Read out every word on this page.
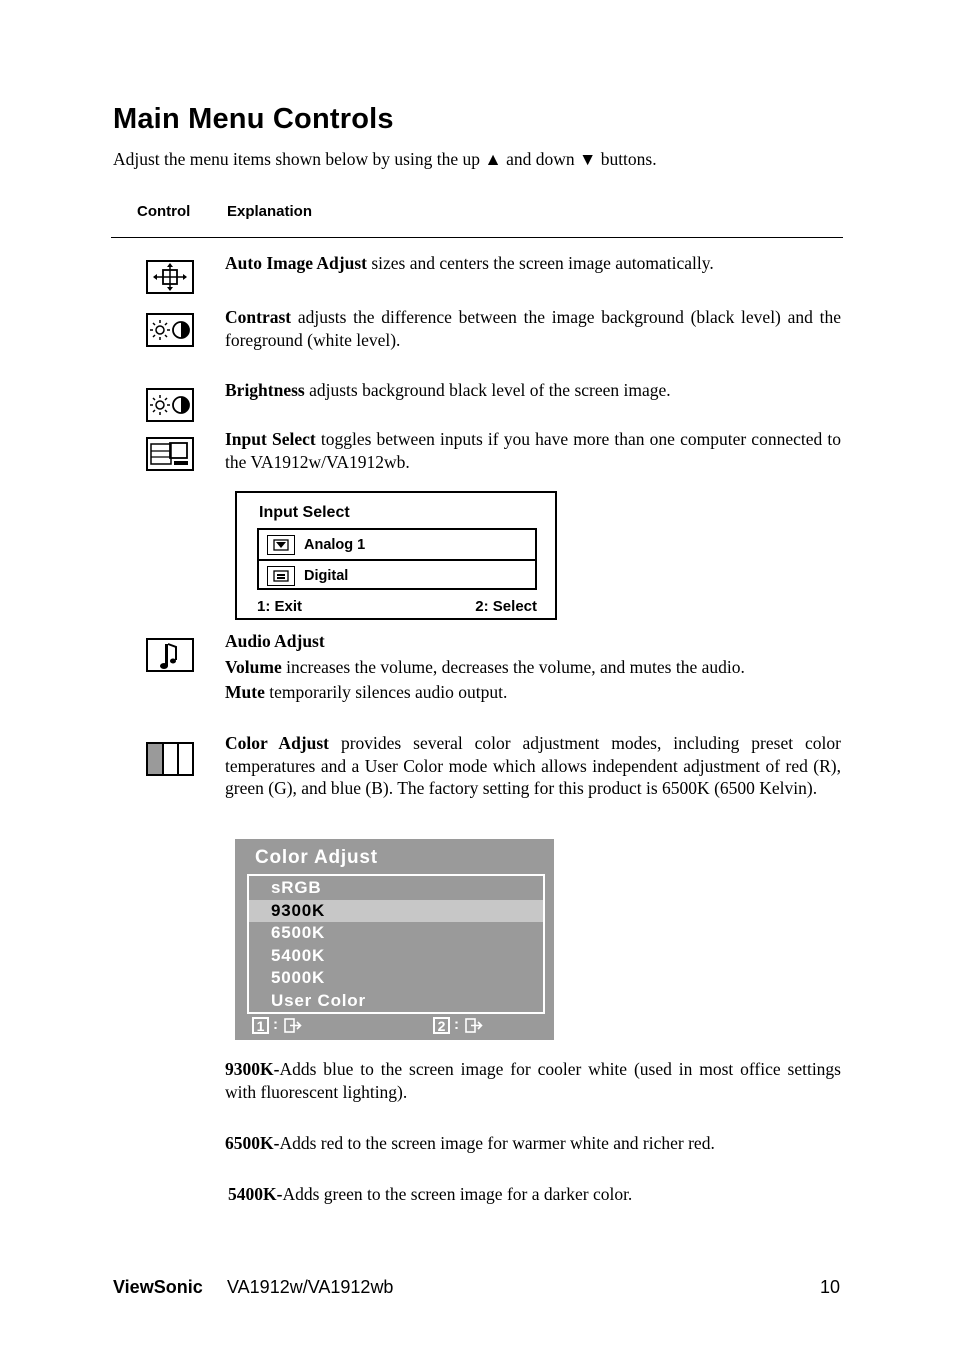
Main Menu Controls
Adjust the menu items shown below by using the up ▲ and down ▼ buttons.
Control Explanation
Auto Image Adjust sizes and centers the screen image automatically.
Contrast adjusts the difference between the image background (black level) and the foreground (white level).
Brightness adjusts background black level of the screen image.
Input Select toggles between inputs if you have more than one computer connected to the VA1912w/VA1912wb.
Input Select
Analog 1
Digital
1: Exit	2: Select
Audio Adjust
Volume increases the volume, decreases the volume, and mutes the audio.
Mute temporarily silences audio output.
Color Adjust provides several color adjustment modes, including preset color temperatures and a User Color mode which allows independent adjustment of red (R), green (G), and blue (B). The factory setting for this product is 6500K (6500 Kelvin).
Color Adjust
sRGB
9300K
6500K
5400K
5000K
User Color
1 :	2 :
9300K-Adds blue to the screen image for cooler white (used in most office settings with fluorescent lighting).
6500K-Adds red to the screen image for warmer white and richer red.
5400K-Adds green to the screen image for a darker color.
ViewSonic VA1912w/VA1912wb	10
